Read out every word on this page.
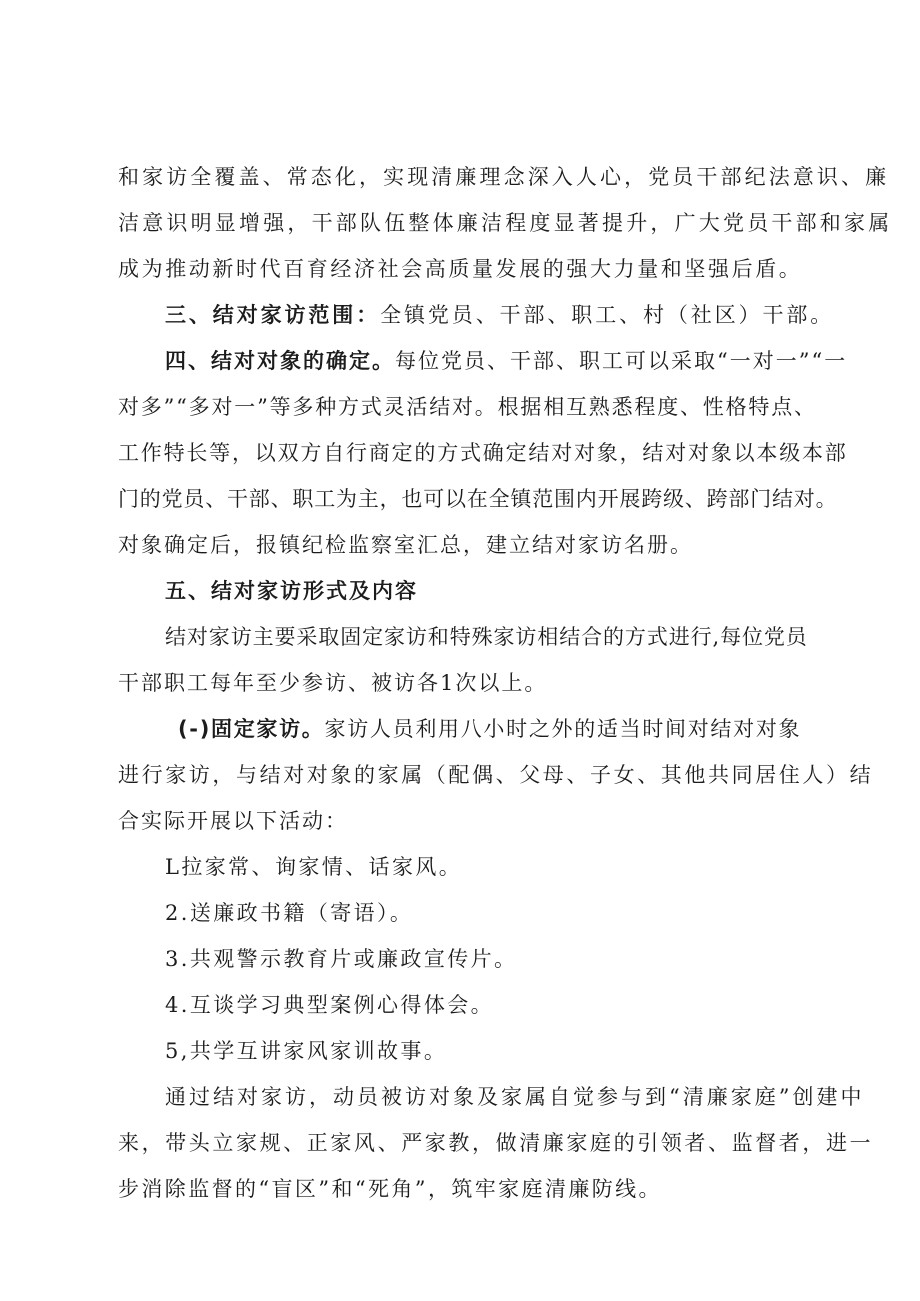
和家访全覆盖、常态化，实现清廉理念深入人心，党员干部纪法意识、廉
洁意识明显增强，干部队伍整体廉洁程度显著提升，广大党员干部和家属
成为推动新时代百育经济社会高质量发展的强大力量和坚强后盾。
三、结对家访范围：全镇党员、干部、职工、村（社区）干部。
四、结对对象的确定。每位党员、干部、职工可以采取“一对一”“一
对多”“多对一”等多种方式灵活结对。根据相互熟悉程度、性格特点、
工作特长等，以双方自行商定的方式确定结对对象，结对对象以本级本部
门的党员、干部、职工为主，也可以在全镇范围内开展跨级、跨部门结对。
对象确定后，报镇纪检监察室汇总，建立结对家访名册。
五、结对家访形式及内容
结对家访主要采取固定家访和特殊家访相结合的方式进行,每位党员
干部职工每年至少参访、被访各1次以上。
(-)固定家访。家访人员利用八小时之外的适当时间对结对对象
进行家访，与结对对象的家属（配偶、父母、子女、其他共同居住人）结
合实际开展以下活动：
L拉家常、询家情、话家风。
2.送廉政书籍（寄语）。
3.共观警示教育片或廉政宣传片。
4.互谈学习典型案例心得体会。
5,共学互讲家风家训故事。
通过结对家访，动员被访对象及家属自觉参与到“清廉家庭”创建中
来，带头立家规、正家风、严家教，做清廉家庭的引领者、监督者，进一
步消除监督的“盲区”和“死角”，筑牢家庭清廉防线。
